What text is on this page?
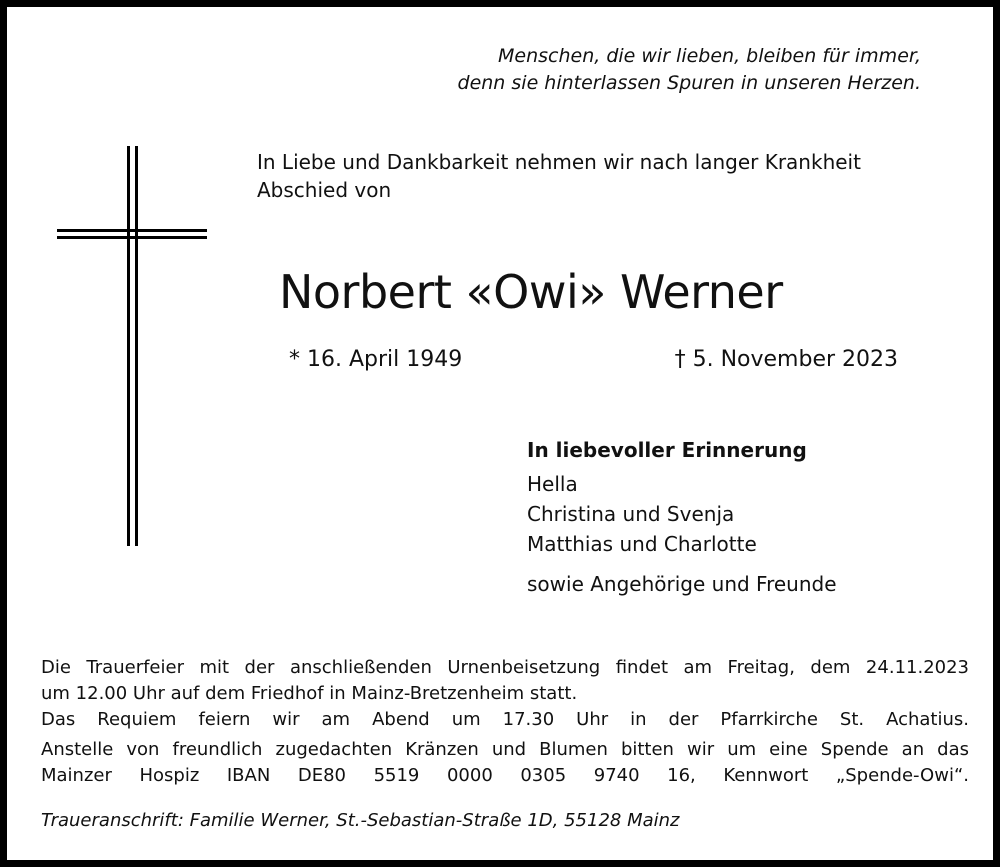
Menschen, die wir lieben, bleiben für immer,
denn sie hinterlassen Spuren in unseren Herzen.
In Liebe und Dankbarkeit nehmen wir nach langer Krankheit
Abschied von
Norbert «Owi» Werner
* 16. April 1949	† 5. November 2023
In liebevoller Erinnerung
Hella
Christina und Svenja
Matthias und Charlotte
sowie Angehörige und Freunde
Die Trauerfeier mit der anschließenden Urnenbeisetzung findet am Freitag, dem 24.11.2023
um 12.00 Uhr auf dem Friedhof in Mainz-Bretzenheim statt.
Das Requiem feiern wir am Abend um 17.30 Uhr in der Pfarrkirche St. Achatius.
Anstelle von freundlich zugedachten Kränzen und Blumen bitten wir um eine Spende an das
Mainzer Hospiz IBAN DE80 5519 0000 0305 9740 16, Kennwort „Spende-Owi“.
Traueranschrift: Familie Werner, St.-Sebastian-Straße 1D, 55128 Mainz
